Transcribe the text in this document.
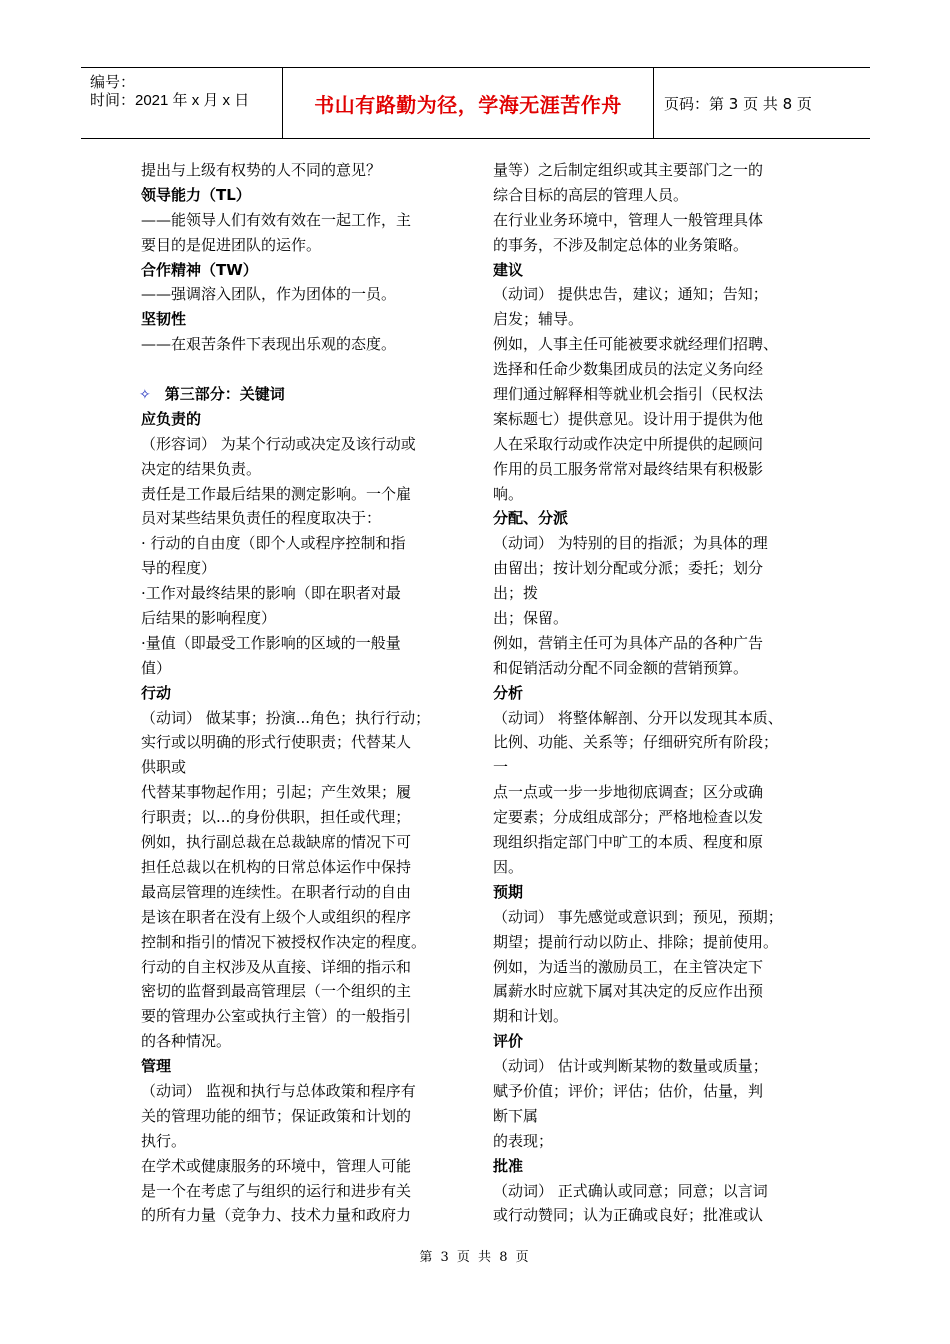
编号：
时间：2021 年 x 月 x 日	书山有路勤为径，学海无涯苦作舟	页码：第 3 页 共 8 页
提出与上级有权势的人不同的意见？
领导能力（TL）
——能领导人们有效有效在一起工作，主
要目的是促进团队的运作。
合作精神（TW）
——强调溶入团队，作为团体的一员。
坚韧性
——在艰苦条件下表现出乐观的态度。
✧ 第三部分：关键词
应负责的
（形容词） 为某个行动或决定及该行动或
决定的结果负责。
责任是工作最后结果的测定影响。一个雇
员对某些结果负责任的程度取决于：
· 行动的自由度（即个人或程序控制和指
导的程度）
·工作对最终结果的影响（即在职者对最
后结果的影响程度）
·量值（即最受工作影响的区域的一般量
值）
行动
（动词） 做某事；扮演...角色；执行行动；
实行或以明确的形式行使职责；代替某人
供职或
代替某事物起作用；引起；产生效果；履
行职责；以...的身份供职，担任或代理；
例如，执行副总裁在总裁缺席的情况下可
担任总裁以在机构的日常总体运作中保持
最高层管理的连续性。在职者行动的自由
是该在职者在没有上级个人或组织的程序
控制和指引的情况下被授权作决定的程度。
行动的自主权涉及从直接、详细的指示和
密切的监督到最高管理层（一个组织的主
要的管理办公室或执行主管）的一般指引
的各种情况。
管理
（动词） 监视和执行与总体政策和程序有
关的管理功能的细节；保证政策和计划的
执行。
在学术或健康服务的环境中，管理人可能
是一个在考虑了与组织的运行和进步有关
的所有力量（竞争力、技术力量和政府力
量等）之后制定组织或其主要部门之一的
综合目标的高层的管理人员。
在行业业务环境中，管理人一般管理具体
的事务，不涉及制定总体的业务策略。
建议
（动词） 提供忠告，建议；通知；告知；
启发；辅导。
例如，人事主任可能被要求就经理们招聘、
选择和任命少数集团成员的法定义务向经
理们通过解释相等就业机会指引（民权法
案标题七）提供意见。设计用于提供为他
人在采取行动或作决定中所提供的起顾问
作用的员工服务常常对最终结果有积极影
响。
分配、分派
（动词） 为特别的目的指派；为具体的理
由留出；按计划分配或分派；委托；划分
出；拨
出；保留。
例如，营销主任可为具体产品的各种广告
和促销活动分配不同金额的营销预算。
分析
（动词） 将整体解剖、分开以发现其本质、
比例、功能、关系等；仔细研究所有阶段；
一
点一点或一步一步地彻底调查；区分或确
定要素；分成组成部分；严格地检查以发
现组织指定部门中旷工的本质、程度和原
因。
预期
（动词） 事先感觉或意识到；预见，预期；
期望；提前行动以防止、排除；提前使用。
例如，为适当的激励员工，在主管决定下
属薪水时应就下属对其决定的反应作出预
期和计划。
评价
（动词） 估计或判断某物的数量或质量；
赋予价值；评价；评估；估价，估量，判
断下属
的表现；
批准
（动词） 正式确认或同意；同意；以言词
或行动赞同；认为正确或良好；批准或认
第 3 页 共 8 页
